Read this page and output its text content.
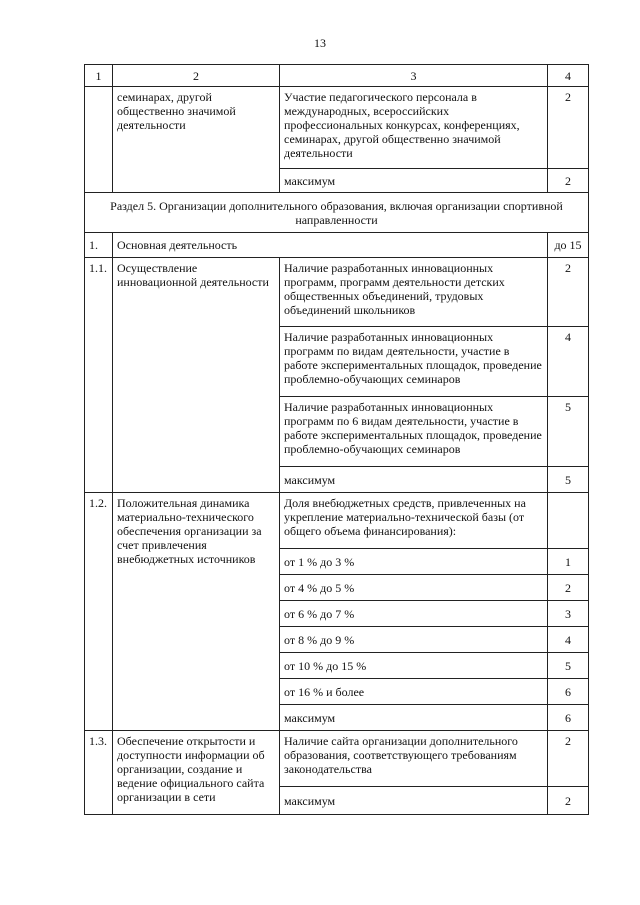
13
1	2	3	4
	семинарах, другой общественно значимой деятельности	Участие педагогического персонала в международных, всероссийских профессиональных конкурсах, конференциях, семинарах, другой общественно значимой деятельности	2
		максимум	2
Раздел 5. Организации дополнительного образования, включая организации спортивной направленности			
1.	Основная деятельность		до 15
1.1.	Осуществление инновационной деятельности	Наличие разработанных инновационных программ, программ деятельности детских общественных объединений, трудовых объединений школьников	2
		Наличие разработанных инновационных программ по видам деятельности, участие в работе экспериментальных площадок, проведение проблемно-обучающих семинаров	4
		Наличие разработанных инновационных программ по 6 видам деятельности, участие в работе экспериментальных площадок, проведение проблемно-обучающих семинаров	5
		максимум	5
1.2.	Положительная динамика материально-технического обеспечения организации за счет привлечения внебюджетных источников	Доля внебюджетных средств, привлеченных на укрепление материально-технической базы (от общего объема финансирования):	
		от 1 % до 3 %	1
		от 4 % до 5 %	2
		от 6 % до 7 %	3
		от 8 % до 9 %	4
		от 10 % до 15 %	5
		от 16 % и более	6
		максимум	6
1.3.	Обеспечение открытости и доступности информации об организации, создание и ведение официального сайта организации в сети	Наличие сайта организации дополнительного образования, соответствующего требованиям законодательства	2
		максимум	2
